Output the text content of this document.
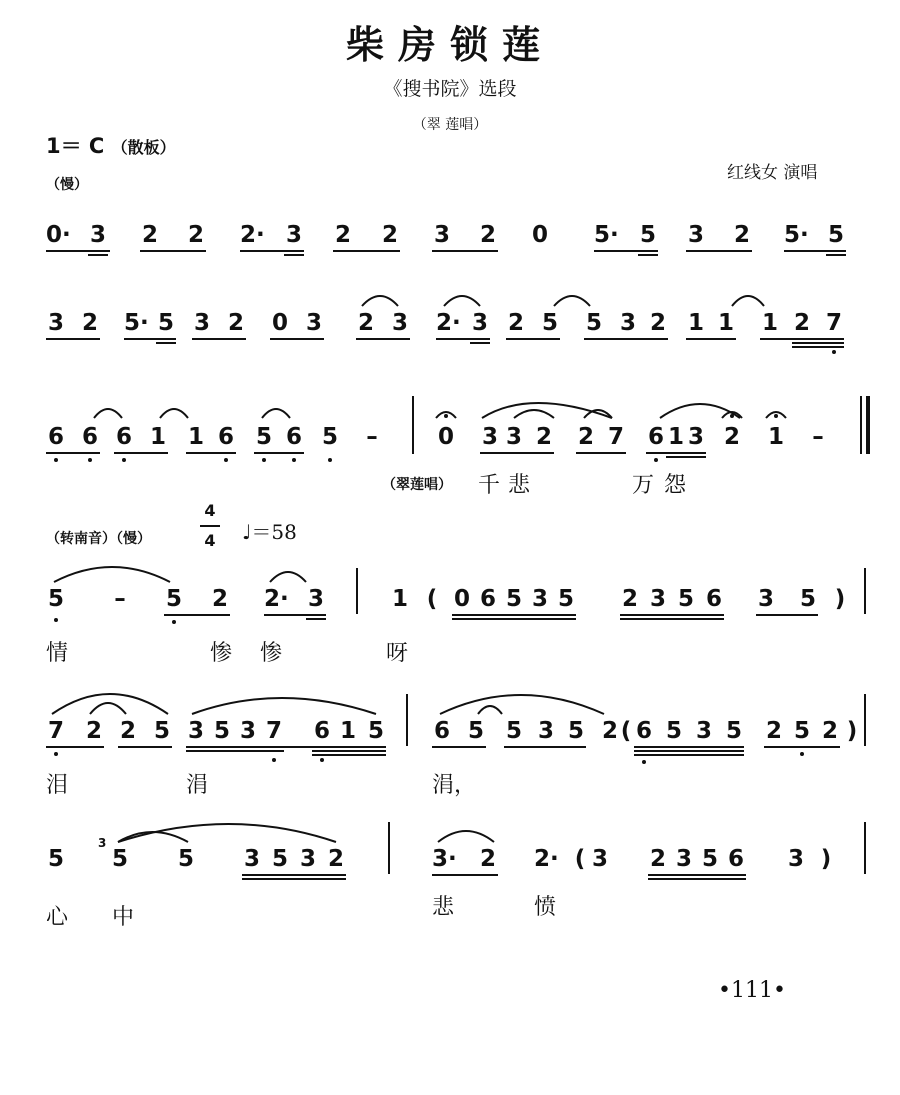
柴房锁莲
《搜书院》选段
（翠 莲唱）
1＝ C （散板）
红线女 演唱
（慢）
0· 3 2 2 2· 3 2 2 3 2 0 5· 5 3 2 5· 5
3 2 5· 5 3 2 0 3 2 3 2· 3 2 5 5 3 2 1 1 1 2 7
6 6 6 1 1 6 5 6 5 –	0 3 3 2 2 7 6 1 3 2 1 –
（翠莲唱） 千 悲	万 怨
（转南音）（慢）
4
4 ♩＝58
5 – 5 2 2· 3	1 ( 0 6 5 3 5 2 3 5 6 3 5 )
情	惨 惨	呀
7 2 2 5 3 5 3 7 6 1 5 6 5 5 3 5 2 ( 6 5 3 5 2 5 2 )
泪	涓	涓，
5 5 5 3 5 3 2	3· 2 2· ( 3 2 3 5 6 3 )
3
心 中	悲	愤
•111•
